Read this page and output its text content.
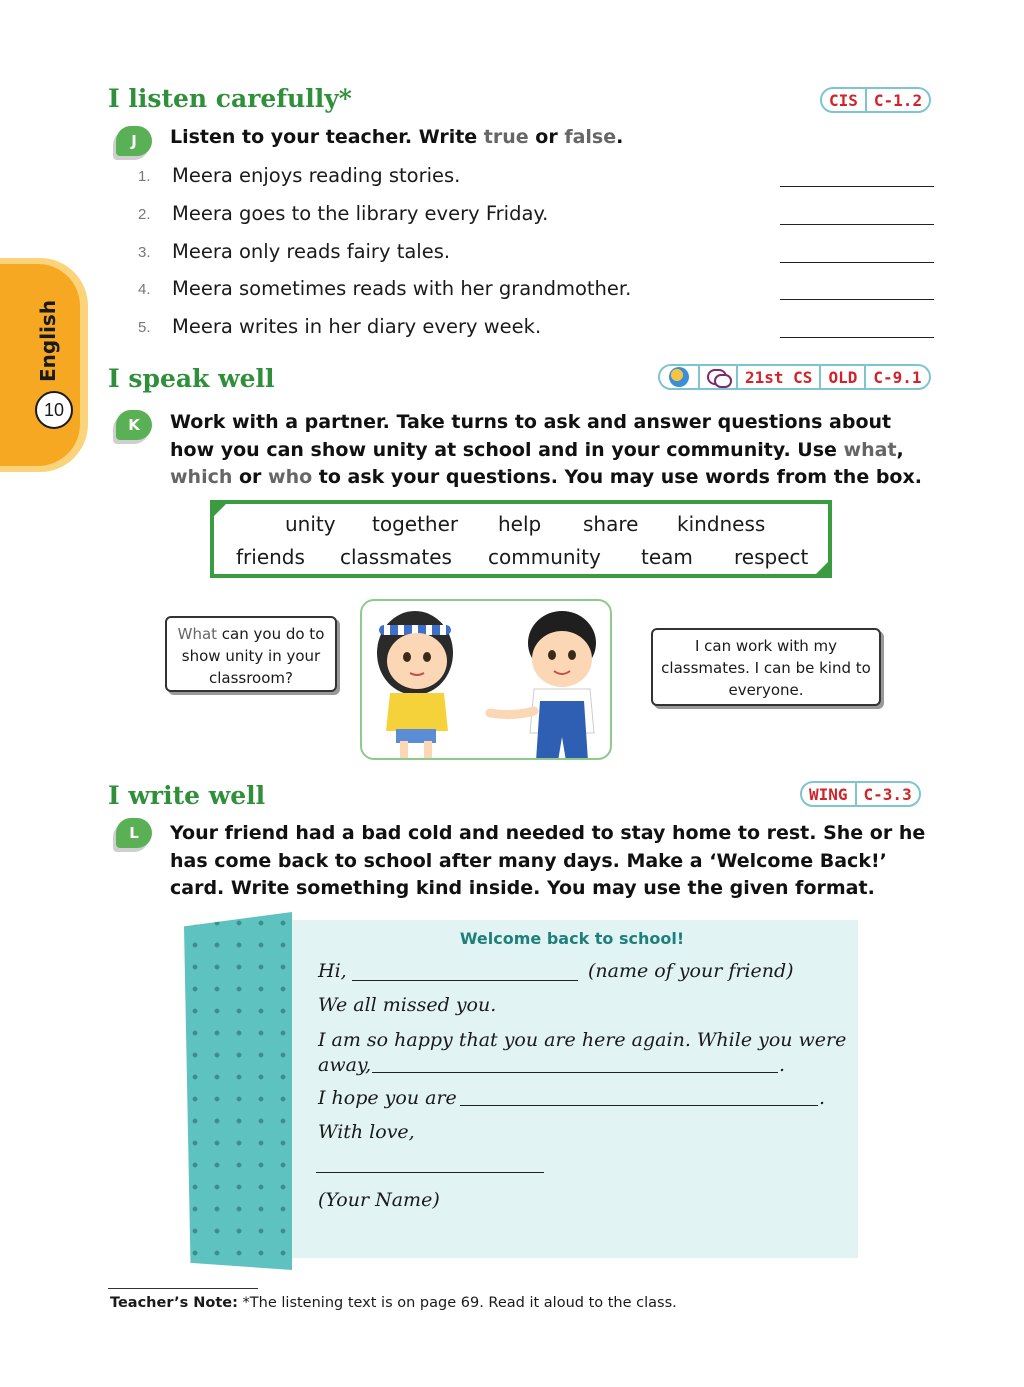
English
10
I listen carefully*	CIS	C-1.2
J	Listen to your teacher. Write true or false.
1. Meera enjoys reading stories.
2. Meera goes to the library every Friday.
3. Meera only reads fairy tales.
4. Meera sometimes reads with her grandmother.
5. Meera writes in her diary every week.
I speak well	21st CS	OLD	C-9.1
K	Work with a partner. Take turns to ask and answer questions about how you can show unity at school and in your community. Use what, which or who to ask your questions. You may use words from the box.
unity together help share kindness
friends classmates community team respect
What can you do to show unity in your classroom?
I can work with my classmates. I can be kind to everyone.
I write well	WING	C-3.3
L	Your friend had a bad cold and needed to stay home to rest. She or he has come back to school after many days. Make a ‘Welcome Back!’ card. Write something kind inside. You may use the given format.
Welcome back to school!
Hi,	(name of your friend)
We all missed you.
I am so happy that you are here again. While you were
away,	.
I hope you are	.
With love,
(Your Name)
Teacher’s Note: *The listening text is on page 69. Read it aloud to the class.
